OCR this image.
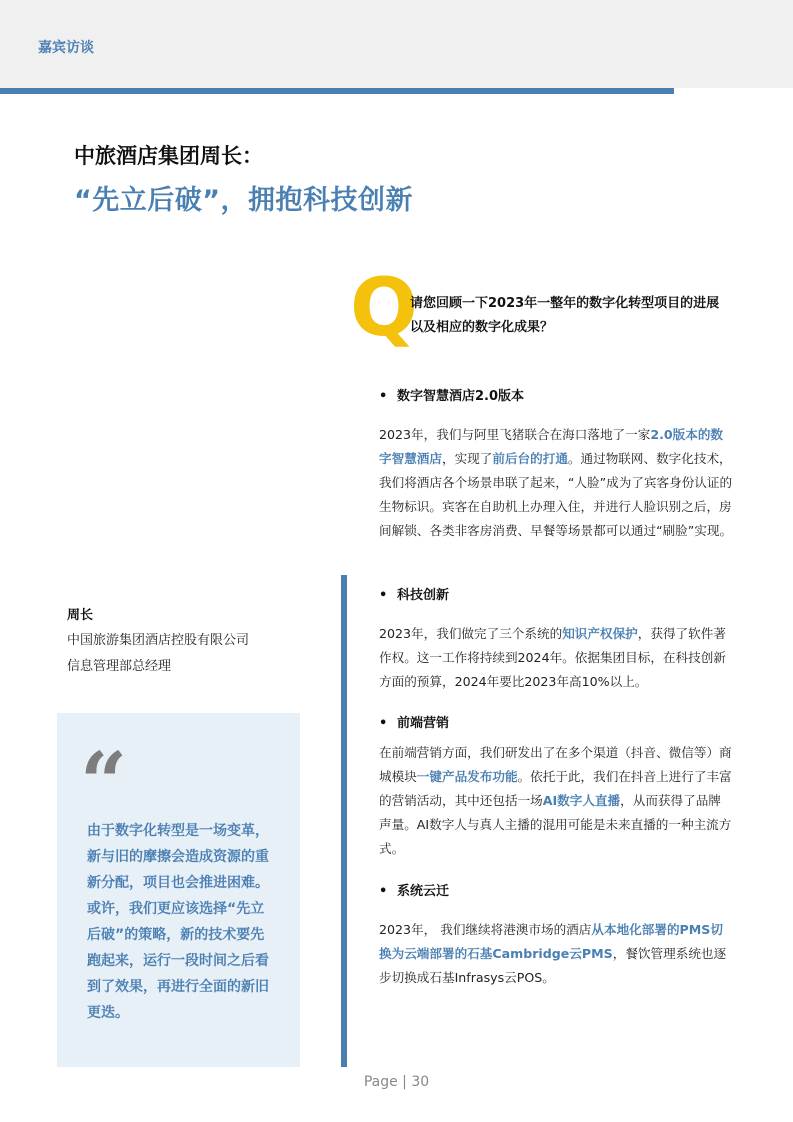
嘉宾访谈
中旅酒店集团周长：
“先立后破”，拥抱科技创新
Q
请您回顾一下2023年一整年的数字化转型项目的进展以及相应的数字化成果？
• 数字智慧酒店2.0版本
2023年，我们与阿里飞猪联合在海口落地了一家2.0版本的数字智慧酒店，实现了前后台的打通。通过物联网、数字化技术，我们将酒店各个场景串联了起来，“人脸”成为了宾客身份认证的生物标识。宾客在自助机上办理入住，并进行人脸识别之后，房间解锁、各类非客房消费、早餐等场景都可以通过“刷脸”实现。
• 科技创新
2023年，我们做完了三个系统的知识产权保护，获得了软件著作权。这一工作将持续到2024年。依据集团目标，在科技创新方面的预算，2024年要比2023年高10%以上。
• 前端营销
在前端营销方面，我们研发出了在多个渠道（抖音、微信等）商城模块一键产品发布功能。依托于此，我们在抖音上进行了丰富的营销活动，其中还包括一场AI数字人直播，从而获得了品牌声量。AI数字人与真人主播的混用可能是未来直播的一种主流方式。
• 系统云迁
2023年， 我们继续将港澳市场的酒店从本地化部署的PMS切换为云端部署的石基Cambridge云PMS，餐饮管理系统也逐步切换成石基Infrasys云POS。
周长
中国旅游集团酒店控股有限公司
信息管理部总经理
“
由于数字化转型是一场变革，新与旧的摩擦会造成资源的重新分配，项目也会推进困难。或许，我们更应该选择“先立后破”的策略，新的技术要先跑起来，运行一段时间之后看到了效果，再进行全面的新旧更迭。
Page | 30
